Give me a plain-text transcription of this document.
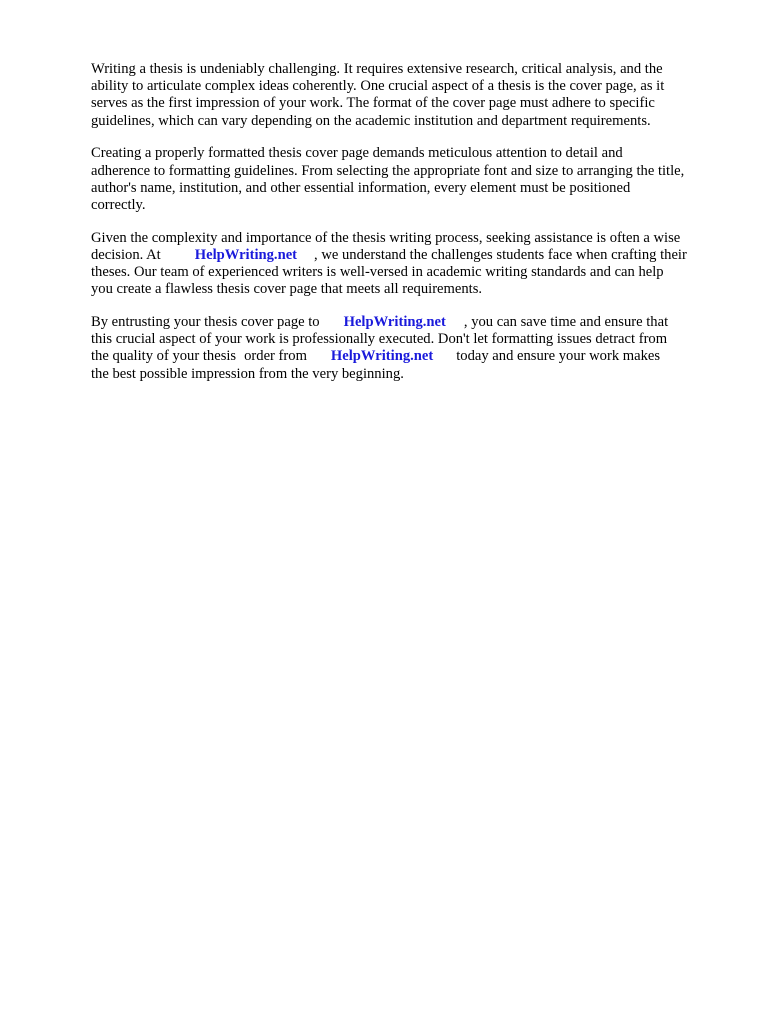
Writing a thesis is undeniably challenging. It requires extensive research, critical analysis, and the
ability to articulate complex ideas coherently. One crucial aspect of a thesis is the cover page, as it
serves as the first impression of your work. The format of the cover page must adhere to specific
guidelines, which can vary depending on the academic institution and department requirements.

Creating a properly formatted thesis cover page demands meticulous attention to detail and
adherence to formatting guidelines. From selecting the appropriate font and size to arranging the title,
author's name, institution, and other essential information, every element must be positioned
correctly.

Given the complexity and importance of the thesis writing process, seeking assistance is often a wise
decision. At HelpWriting.net , we understand the challenges students face when crafting their
theses. Our team of experienced writers is well-versed in academic writing standards and can help
you create a flawless thesis cover page that meets all requirements.

By entrusting your thesis cover page to HelpWriting.net , you can save time and ensure that
this crucial aspect of your work is professionally executed. Don't let formatting issues detract from
the quality of your thesis order from HelpWriting.net today and ensure your work makes
the best possible impression from the very beginning.
